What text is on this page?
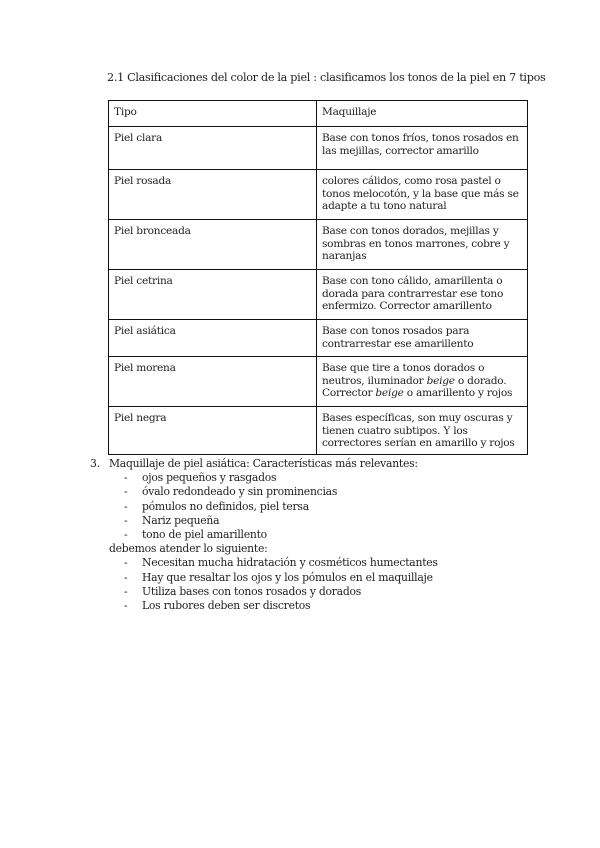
2.1 Clasificaciones del color de la piel : clasificamos los tonos de la piel en 7 tipos
Tipo	Maquillaje
Piel clara	Base con tonos fríos, tonos rosados en las mejillas, corrector amarillo
Piel rosada	colores cálidos, como rosa pastel o tonos melocotón, y la base que más se adapte a tu tono natural
Piel bronceada	Base con tonos dorados, mejillas y sombras en tonos marrones, cobre y naranjas
Piel cetrina	Base con tono cálido, amarillenta o dorada para contrarrestar ese tono enfermizo. Corrector amarillento
Piel asiática	Base con tonos rosados para contrarrestar ese amarillento
Piel morena	Base que tire a tonos dorados o neutros, iluminador beige o dorado. Corrector beige o amarillento y rojos
Piel negra	Bases específicas, son muy oscuras y tienen cuatro subtipos. Y los correctores serían en amarillo y rojos
3. Maquillaje de piel asiática: Características más relevantes:
-	ojos pequeños y rasgados
-	óvalo redondeado y sin prominencias
-	pómulos no definidos, piel tersa
-	Nariz pequeña
-	tono de piel amarillento
debemos atender lo siguiente:
-	Necesitan mucha hidratación y cosméticos humectantes
-	Hay que resaltar los ojos y los pómulos en el maquillaje
-	Utiliza bases con tonos rosados y dorados
-	Los rubores deben ser discretos
